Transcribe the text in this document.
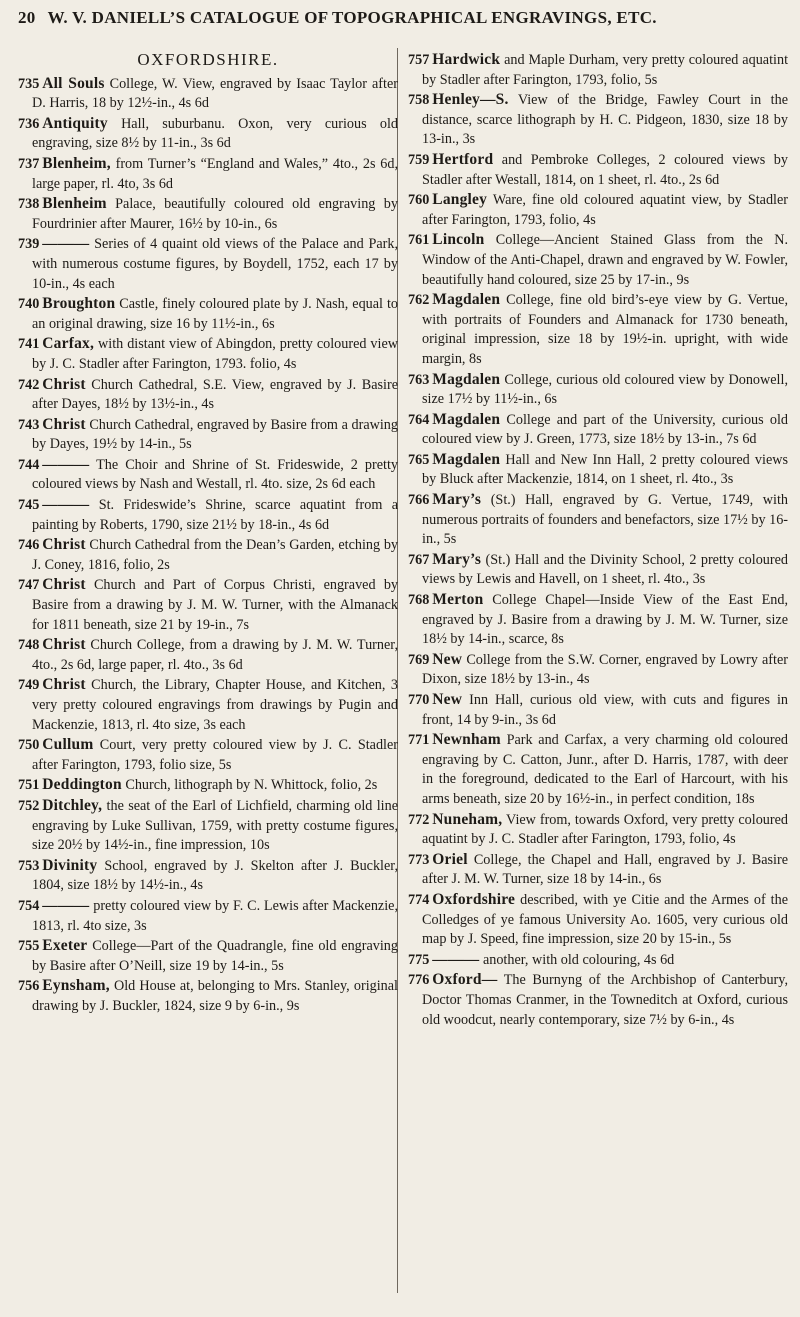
20 W. V. DANIELL’S CATALOGUE OF TOPOGRAPHICAL ENGRAVINGS, ETC.
OXFORDSHIRE.

735 All Souls College, W. View, engraved by Isaac Taylor after D. Harris, 18 by 12½-in., 4s 6d

736 Antiquity Hall, suburbanu. Oxon, very curious old engraving, size 8½ by 11-in., 3s 6d

737 Blenheim, from Turner’s “England and Wales,” 4to., 2s 6d, large paper, rl. 4to, 3s 6d

738 Blenheim Palace, beautifully coloured old engraving by Fourdrinier after Maurer, 16½ by 10-in., 6s

739 ——— Series of 4 quaint old views of the Palace and Park, with numerous costume figures, by Boydell, 1752, each 17 by 10-in., 4s each

740 Broughton Castle, finely coloured plate by J. Nash, equal to an original drawing, size 16 by 11½-in., 6s

741 Carfax, with distant view of Abingdon, pretty coloured view by J. C. Stadler after Farington, 1793. folio, 4s

742 Christ Church Cathedral, S.E. View, engraved by J. Basire after Dayes, 18½ by 13½-in., 4s

743 Christ Church Cathedral, engraved by Basire from a drawing by Dayes, 19½ by 14-in., 5s

744 ——— The Choir and Shrine of St. Frideswide, 2 pretty coloured views by Nash and Westall, rl. 4to. size, 2s 6d each

745 ——— St. Frideswide’s Shrine, scarce aquatint from a painting by Roberts, 1790, size 21½ by 18-in., 4s 6d

746 Christ Church Cathedral from the Dean’s Garden, etching by J. Coney, 1816, folio, 2s

747 Christ Church and Part of Corpus Christi, engraved by Basire from a drawing by J. M. W. Turner, with the Almanack for 1811 beneath, size 21 by 19-in., 7s

748 Christ Church College, from a drawing by J. M. W. Turner, 4to., 2s 6d, large paper, rl. 4to., 3s 6d

749 Christ Church, the Library, Chapter House, and Kitchen, 3 very pretty coloured engravings from drawings by Pugin and Mackenzie, 1813, rl. 4to size, 3s each

750 Cullum Court, very pretty coloured view by J. C. Stadler after Farington, 1793, folio size, 5s

751 Deddington Church, lithograph by N. Whittock, folio, 2s

752 Ditchley, the seat of the Earl of Lichfield, charming old line engraving by Luke Sullivan, 1759, with pretty costume figures, size 20½ by 14½-in., fine impression, 10s

753 Divinity School, engraved by J. Skelton after J. Buckler, 1804, size 18½ by 14½-in., 4s

754 ——— pretty coloured view by F. C. Lewis after Mackenzie, 1813, rl. 4to size, 3s

755 Exeter College—Part of the Quadrangle, fine old engraving by Basire after O’Neill, size 19 by 14-in., 5s

756 Eynsham, Old House at, belonging to Mrs. Stanley, original drawing by J. Buckler, 1824, size 9 by 6-in., 9s

757 Hardwick and Maple Durham, very pretty coloured aquatint by Stadler after Farington, 1793, folio, 5s

758 Henley—S. View of the Bridge, Fawley Court in the distance, scarce lithograph by H. C. Pidgeon, 1830, size 18 by 13-in., 3s

759 Hertford and Pembroke Colleges, 2 coloured views by Stadler after Westall, 1814, on 1 sheet, rl. 4to., 2s 6d

760 Langley Ware, fine old coloured aquatint view, by Stadler after Farington, 1793, folio, 4s

761 Lincoln College—Ancient Stained Glass from the N. Window of the Anti-Chapel, drawn and engraved by W. Fowler, beautifully hand coloured, size 25 by 17-in., 9s

762 Magdalen College, fine old bird’s-eye view by G. Vertue, with portraits of Founders and Almanack for 1730 beneath, original impression, size 18 by 19½-in. upright, with wide margin, 8s

763 Magdalen College, curious old coloured view by Donowell, size 17½ by 11½-in., 6s

764 Magdalen College and part of the University, curious old coloured view by J. Green, 1773, size 18½ by 13-in., 7s 6d

765 Magdalen Hall and New Inn Hall, 2 pretty coloured views by Bluck after Mackenzie, 1814, on 1 sheet, rl. 4to., 3s

766 Mary’s (St.) Hall, engraved by G. Vertue, 1749, with numerous portraits of founders and benefactors, size 17½ by 16-in., 5s

767 Mary’s (St.) Hall and the Divinity School, 2 pretty coloured views by Lewis and Havell, on 1 sheet, rl. 4to., 3s

768 Merton College Chapel—Inside View of the East End, engraved by J. Basire from a drawing by J. M. W. Turner, size 18½ by 14-in., scarce, 8s

769 New College from the S.W. Corner, engraved by Lowry after Dixon, size 18½ by 13-in., 4s

770 New Inn Hall, curious old view, with cuts and figures in front, 14 by 9-in., 3s 6d

771 Newnham Park and Carfax, a very charming old coloured engraving by C. Catton, Junr., after D. Harris, 1787, with deer in the foreground, dedicated to the Earl of Harcourt, with his arms beneath, size 20 by 16½-in., in perfect condition, 18s

772 Nuneham, View from, towards Oxford, very pretty coloured aquatint by J. C. Stadler after Farington, 1793, folio, 4s

773 Oriel College, the Chapel and Hall, engraved by J. Basire after J. M. W. Turner, size 18 by 14-in., 6s

774 Oxfordshire described, with ye Citie and the Armes of the Colledges of ye famous University Ao. 1605, very curious old map by J. Speed, fine impression, size 20 by 15-in., 5s

775 ——— another, with old colouring, 4s 6d

776 Oxford— The Burnyng of the Archbishop of Canterbury, Doctor Thomas Cranmer, in the Towneditch at Oxford, curious old woodcut, nearly contemporary, size 7½ by 6-in., 4s
